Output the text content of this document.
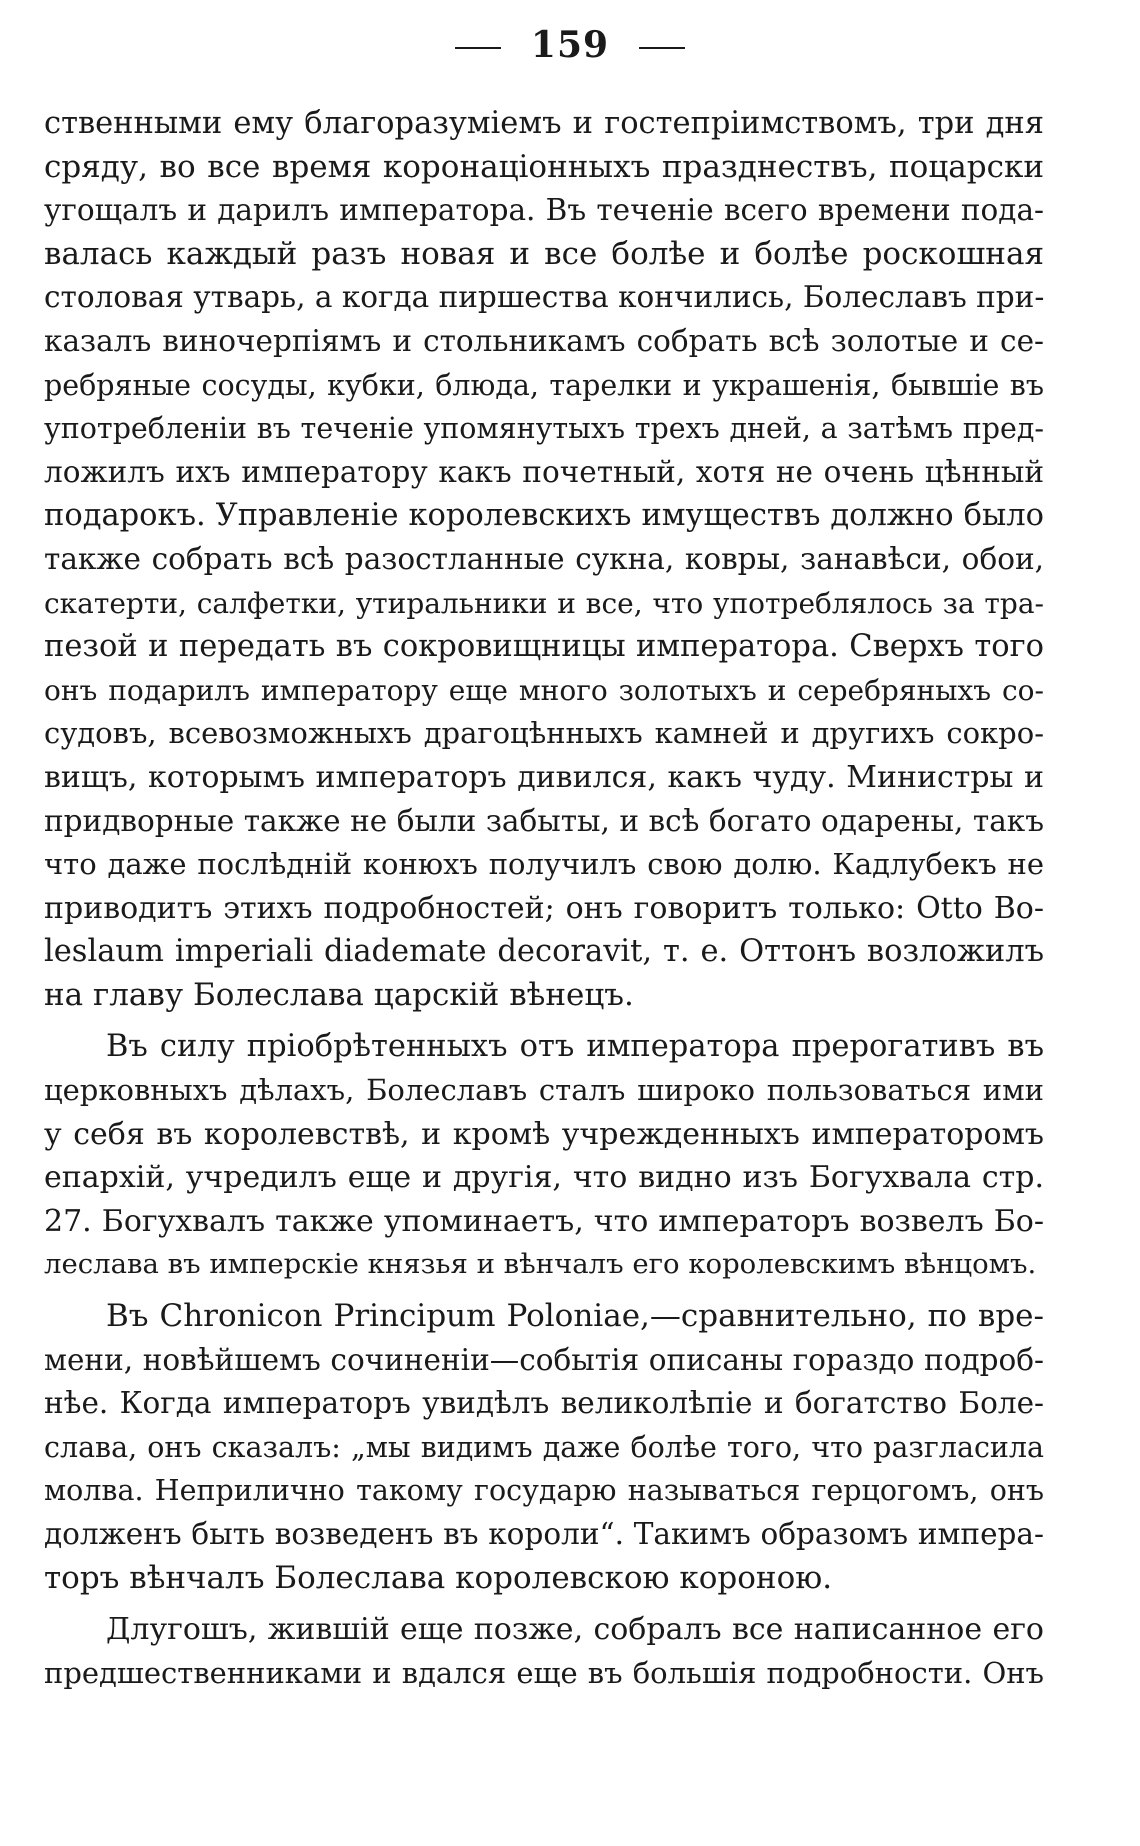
159
ственными ему благоразумiемъ и гостепрiимствомъ, три дня
сряду, во все время коронацiонныхъ празднествъ, поцарски
угощалъ и дарилъ императора. Въ теченiе всего времени пода-
валась каждый разъ новая и все болѣе и болѣе роскошная
столовая утварь, а когда пиршества кончились, Болеславъ при-
казалъ виночерпiямъ и стольникамъ собрать всѣ золотые и се-
ребряные сосуды, кубки, блюда, тарелки и украшенiя, бывшiе въ
употребленiи въ теченiе упомянутыхъ трехъ дней, а затѣмъ пред-
ложилъ ихъ императору какъ почетный, хотя не очень цѣнный
подарокъ. Управленiе королевскихъ имуществъ должно было
также собрать всѣ разостланные сукна, ковры, занавѣси, обои,
скатерти, салфетки, утиральники и все, что употреблялось за тра-
пезой и передать въ сокровищницы императора. Сверхъ того
онъ подарилъ императору еще много золотыхъ и серебряныхъ со-
судовъ, всевозможныхъ драгоцѣнныхъ камней и другихъ сокро-
вищъ, которымъ императоръ дивился, какъ чуду. Министры и
придворные также не были забыты, и всѣ богато одарены, такъ
что даже послѣднiй конюхъ получилъ свою долю. Кадлубекъ не
приводитъ этихъ подробностей; онъ говоритъ только: Otto Bo-
leslaum imperiali diademate decoravit, т. е. Оттонъ возложилъ
на главу Болеслава царскiй вѣнецъ.
Въ силу прiобрѣтенныхъ отъ императора прерогативъ въ
церковныхъ дѣлахъ, Болеславъ сталъ широко пользоваться ими
у себя въ королевствѣ, и кромѣ учрежденныхъ императоромъ
епархiй, учредилъ еще и другiя, что видно изъ Богухвала стр.
27. Богухвалъ также упоминаетъ, что императоръ возвелъ Бо-
леслава въ имперскiе князья и вѣнчалъ его королевскимъ вѣнцомъ.
Въ Chronicon Principum Poloniae,—сравнительно, по вре-
мени, новѣйшемъ сочиненiи—событiя описаны гораздо подроб-
нѣе. Когда императоръ увидѣлъ великолѣпiе и богатство Боле-
слава, онъ сказалъ: „мы видимъ даже болѣе того, что разгласила
молва. Неприлично такому государю называться герцогомъ, онъ
долженъ быть возведенъ въ короли“. Такимъ образомъ импера-
торъ вѣнчалъ Болеслава королевскою короною.
Длугошъ, жившiй еще позже, собралъ все написанное его
предшественниками и вдался еще въ большiя подробности. Онъ
